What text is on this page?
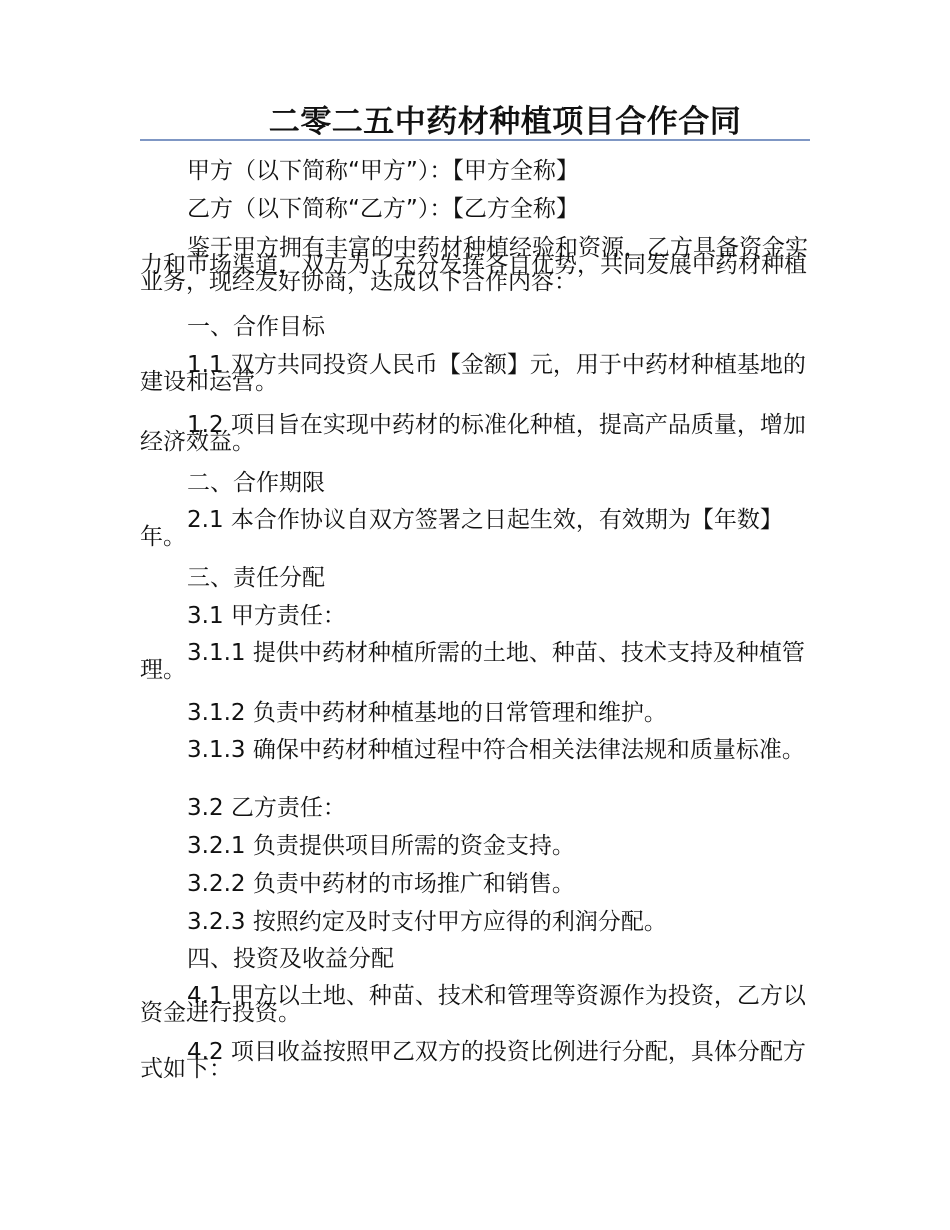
二零二五中药材种植项目合作合同
甲方（以下简称“甲方”）：【甲方全称】
乙方（以下简称“乙方”）：【乙方全称】
鉴于甲方拥有丰富的中药材种植经验和资源，乙方具备资金实力和市场渠道，双方为了充分发挥各自优势，共同发展中药材种植业务，现经友好协商，达成以下合作内容：
一、合作目标
1.1 双方共同投资人民币【金额】元，用于中药材种植基地的建设和运营。
1.2 项目旨在实现中药材的标准化种植，提高产品质量，增加经济效益。
二、合作期限
2.1 本合作协议自双方签署之日起生效，有效期为【年数】年。
三、责任分配
3.1 甲方责任：
3.1.1 提供中药材种植所需的土地、种苗、技术支持及种植管理。
3.1.2 负责中药材种植基地的日常管理和维护。
3.1.3 确保中药材种植过程中符合相关法律法规和质量标准。
3.2 乙方责任：
3.2.1 负责提供项目所需的资金支持。
3.2.2 负责中药材的市场推广和销售。
3.2.3 按照约定及时支付甲方应得的利润分配。
四、投资及收益分配
4.1 甲方以土地、种苗、技术和管理等资源作为投资，乙方以资金进行投资。
4.2 项目收益按照甲乙双方的投资比例进行分配，具体分配方式如下：
